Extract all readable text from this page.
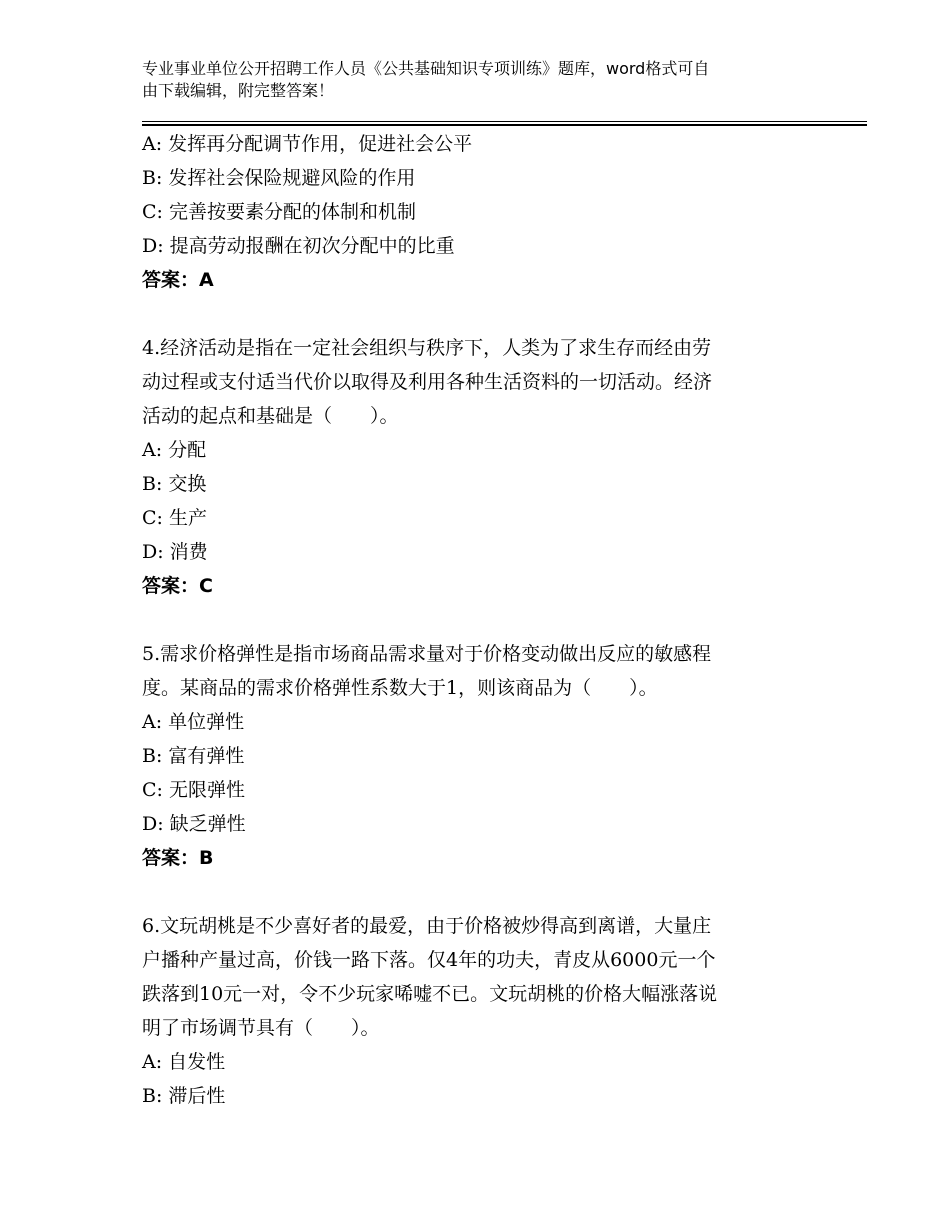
专业事业单位公开招聘工作人员《公共基础知识专项训练》题库，word格式可自
由下载编辑，附完整答案！
A: 发挥再分配调节作用，促进社会公平
B: 发挥社会保险规避风险的作用
C: 完善按要素分配的体制和机制
D: 提高劳动报酬在初次分配中的比重
答案：A
4.经济活动是指在一定社会组织与秩序下，人类为了求生存而经由劳
动过程或支付适当代价以取得及利用各种生活资料的一切活动。经济
活动的起点和基础是（　　）。
A: 分配
B: 交换
C: 生产
D: 消费
答案：C
5.需求价格弹性是指市场商品需求量对于价格变动做出反应的敏感程
度。某商品的需求价格弹性系数大于1，则该商品为（　　）。
A: 单位弹性
B: 富有弹性
C: 无限弹性
D: 缺乏弹性
答案：B
6.文玩胡桃是不少喜好者的最爱，由于价格被炒得高到离谱，大量庄
户播种产量过高，价钱一路下落。仅4年的功夫，青皮从6000元一个
跌落到10元一对，令不少玩家唏嘘不已。文玩胡桃的价格大幅涨落说
明了市场调节具有（　　）。
A: 自发性
B: 滞后性
